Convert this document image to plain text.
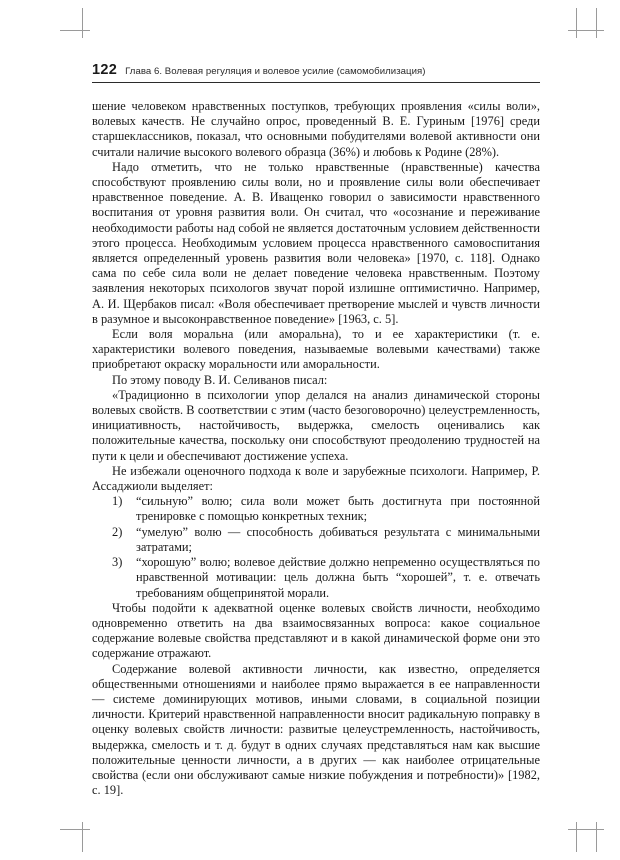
122 Глава 6. Волевая регуляция и волевое усилие (самомобилизация)

шение человеком нравственных поступков, требующих проявления «силы воли», волевых качеств. Не случайно опрос, проведенный В. Е. Гуриным [1976] среди старшеклассников, показал, что основными побудителями волевой активности они считали наличие высокого волевого образца (36%) и любовь к Родине (28%).

Надо отметить, что не только нравственные (нравственные) качества способствуют проявлению силы воли, но и проявление силы воли обеспечивает нравственное поведение. А. В. Иващенко говорил о зависимости нравственного воспитания от уровня развития воли. Он считал, что «осознание и переживание необходимости работы над собой не является достаточным условием действенности этого процесса. Необходимым условием процесса нравственного самовоспитания является определенный уровень развития воли человека» [1970, с. 118]. Однако сама по себе сила воли не делает поведение человека нравственным. Поэтому заявления некоторых психологов звучат порой излишне оптимистично. Например, А. И. Щербаков писал: «Воля обеспечивает претворение мыслей и чувств личности в разумное и высоконравственное поведение» [1963, с. 5].

Если воля моральна (или аморальна), то и ее характеристики (т. е. характеристики волевого поведения, называемые волевыми качествами) также приобретают окраску моральности или аморальности.

По этому поводу В. И. Селиванов писал:

«Традиционно в психологии упор делался на анализ динамической стороны волевых свойств. В соответствии с этим (часто безоговорочно) целеустремленность, инициативность, настойчивость, выдержка, смелость оценивались как положительные качества, поскольку они способствуют преодолению трудностей на пути к цели и обеспечивают достижение успеха.

Не избежали оценочного подхода к воле и зарубежные психологи. Например, Р. Ассаджиоли выделяет:

1)	“сильную” волю; сила воли может быть достигнута при постоянной тренировке с помощью конкретных техник;
2)	“умелую” волю — способность добиваться результата с минимальными затратами;
3)	“хорошую” волю; волевое действие должно непременно осуществляться по нравственной мотивации: цель должна быть “хорошей”, т. е. отвечать требованиям общепринятой морали.

Чтобы подойти к адекватной оценке волевых свойств личности, необходимо одновременно ответить на два взаимосвязанных вопроса: какое социальное содержание волевые свойства представляют и в какой динамической форме они это содержание отражают.

Содержание волевой активности личности, как известно, определяется общественными отношениями и наиболее прямо выражается в ее направленности — системе доминирующих мотивов, иными словами, в социальной позиции личности. Критерий нравственной направленности вносит радикальную поправку в оценку волевых свойств личности: развитые целеустремленность, настойчивость, выдержка, смелость и т. д. будут в одних случаях представляться нам как высшие положительные ценности личности, а в других — как наиболее отрицательные свойства (если они обслуживают самые низкие побуждения и потребности)» [1982, с. 19].
